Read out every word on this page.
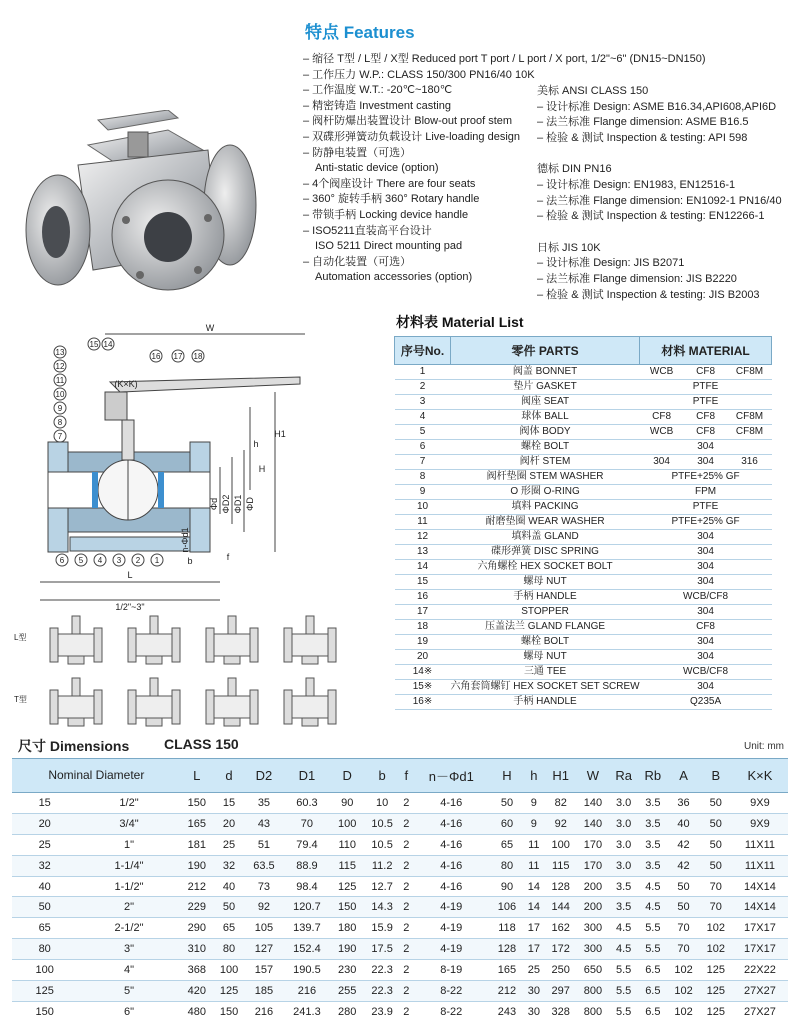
特点 Features
– 缩径 T型 / L型 / X型 Reduced port T port / L port / X port, 1/2"~6" (DN15~DN150)
– 工作压力 W.P.: CLASS 150/300 PN16/40 10K
– 工作温度 W.T.: -20℃~180℃
– 精密铸造 Investment casting
– 阀杆防爆出装置设计 Blow-out proof stem
– 双碟形弹簧动负载设计 Live-loading design
– 防静电装置（可选）
Anti-static device (option)
– 4个阀座设计 There are four seats
– 360° 旋转手柄 360° Rotary handle
– 带锁手柄 Locking device handle
– ISO5211直装高平台设计
ISO 5211 Direct mounting pad
– 自动化装置（可选）
Automation accessories (option)
美标 ANSI CLASS 150
– 设计标准 Design: ASME B16.34,API608,API6D
– 法兰标准 Flange dimension: ASME B16.5
– 检验 & 测试 Inspection & testing: API 598
德标 DIN PN16
– 设计标准 Design: EN1983, EN12516-1
– 法兰标准 Flange dimension: EN1092-1 PN16/40
– 检验 & 测试 Inspection & testing: EN12266-1
日标 JIS 10K
– 设计标准 Design: JIS B2071
– 法兰标准 Flange dimension: JIS B2220
– 检验 & 测试 Inspection & testing: JIS B2003
W
(K×K)
H1
h
H
Φd ΦD2 ΦD1 ΦD
n-Φd1
b	f
L
1/2"~3"
13
12
11
10
9
8
7
15 14
16 17 18
6 5 4 3 2 1
L型
T型
材料表 Material List
序号No.	零件 PARTS	材料 MATERIAL
1	阀盖 BONNET	WCB CF8 CF8M

2	垫片 GASKET	PTFE

3	阀座 SEAT	PTFE

4	球体 BALL	CF8 CF8 CF8M

5	阀体 BODY	WCB CF8 CF8M

6	螺栓 BOLT	304

7	阀杆 STEM	304 304 316

8	阀杆垫圈 STEM WASHER	PTFE+25% GF

9	O 形圈 O-RING	FPM

10	填料 PACKING	PTFE

11	耐磨垫圈 WEAR WASHER	PTFE+25% GF

12	填料盖 GLAND	304

13	碟形弹簧 DISC SPRING	304

14	六角螺栓 HEX SOCKET BOLT	304

15	螺母 NUT	304

16	手柄 HANDLE	WCB/CF8

17	STOPPER	304

18	压盖法兰 GLAND FLANGE	CF8

19	螺栓 BOLT	304

20	螺母 NUT	304

14※	三通 TEE	WCB/CF8

15※	六角套筒螺钉 HEX SOCKET SET SCREW	304

16※	手柄 HANDLE	Q235A
尺寸 Dimensions CLASS 150	Unit: mm
Nominal Diameter		L	d	D2	D1	D	b	f	n－Φd1	H	h	H1	W	Ra	Rb	A	B	K×K
15	1/2"	150	15	35	60.3	90	10	2	4-16	50	9	82	140	3.0	3.5	36	50	9X9
20	3/4"	165	20	43	70	100	10.5	2	4-16	60	9	92	140	3.0	3.5	40	50	9X9
25	1"	181	25	51	79.4	110	10.5	2	4-16	65	11	100	170	3.0	3.5	42	50	11X11
32	1-1/4"	190	32	63.5	88.9	115	11.2	2	4-16	80	11	115	170	3.0	3.5	42	50	11X11
40	1-1/2"	212	40	73	98.4	125	12.7	2	4-16	90	14	128	200	3.5	4.5	50	70	14X14
50	2"	229	50	92	120.7	150	14.3	2	4-19	106	14	144	200	3.5	4.5	50	70	14X14
65	2-1/2"	290	65	105	139.7	180	15.9	2	4-19	118	17	162	300	4.5	5.5	70	102	17X17
80	3"	310	80	127	152.4	190	17.5	2	4-19	128	17	172	300	4.5	5.5	70	102	17X17
100	4"	368	100	157	190.5	230	22.3	2	8-19	165	25	250	650	5.5	6.5	102	125	22X22
125	5"	420	125	185	216	255	22.3	2	8-22	212	30	297	800	5.5	6.5	102	125	27X27
150	6"	480	150	216	241.3	280	23.9	2	8-22	243	30	328	800	5.5	6.5	102	125	27X27
